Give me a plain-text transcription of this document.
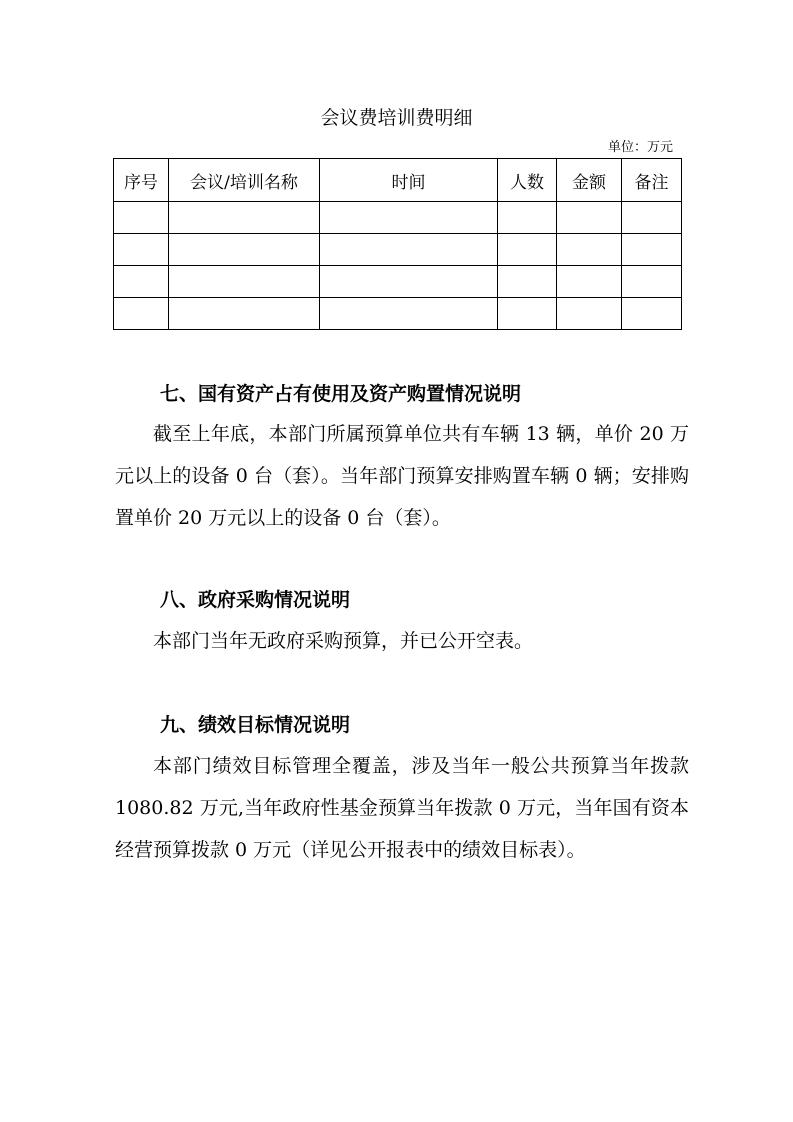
会议费培训费明细
单位：万元
序号	会议/培训名称	时间	人数	金额	备注

七、国有资产占有使用及资产购置情况说明
截至上年底，本部门所属预算单位共有车辆 13 辆，单价 20 万元以上的设备 0 台（套）。当年部门预算安排购置车辆 0 辆；安排购置单价 20 万元以上的设备 0 台（套）。
八、政府采购情况说明
本部门当年无政府采购预算，并已公开空表。
九、绩效目标情况说明
本部门绩效目标管理全覆盖，涉及当年一般公共预算当年拨款 1080.82 万元,当年政府性基金预算当年拨款 0 万元，当年国有资本经营预算拨款 0 万元（详见公开报表中的绩效目标表）。
